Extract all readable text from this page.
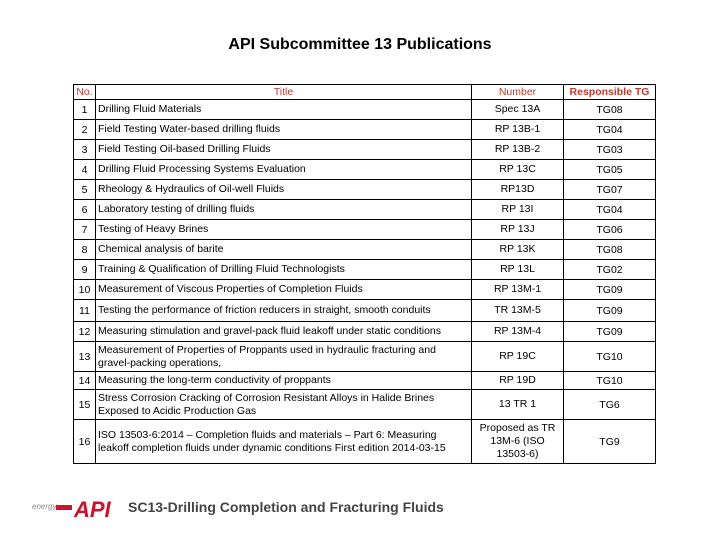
API Subcommittee 13 Publications
No.	Title	Number	Responsible TG
1	Drilling Fluid Materials	Spec 13A	TG08
2	Field Testing Water-based drilling fluids	RP 13B-1	TG04
3	Field Testing Oil-based Drilling Fluids	RP 13B-2	TG03
4	Drilling Fluid Processing Systems Evaluation	RP 13C	TG05
5	Rheology & Hydraulics of Oil-well Fluids	RP13D	TG07
6	Laboratory testing of drilling fluids	RP 13I	TG04
7	Testing of Heavy Brines	RP 13J	TG06
8	Chemical analysis of barite	RP 13K	TG08
9	Training & Qualification of Drilling Fluid Technologists	RP 13L	TG02
10	Measurement of Viscous Properties of Completion Fluids	RP 13M-1	TG09
11	Testing the performance of friction reducers in straight, smooth conduits	TR 13M-5	TG09
12	Measuring stimulation and gravel-pack fluid leakoff under static conditions	RP 13M-4	TG09
13	Measurement of Properties of Proppants used in hydraulic fracturing and gravel-packing operations,	RP 19C	TG10
14	Measuring the long-term conductivity of proppants	RP 19D	TG10
15	Stress Corrosion Cracking of Corrosion Resistant Alloys in Halide Brines Exposed to Acidic Production Gas	13 TR 1	TG6
16	ISO 13503-6:2014 – Completion fluids and materials – Part 6: Measuring leakoff completion fluids under dynamic conditions First edition 2014-03-15	Proposed as TR 13M-6 (ISO 13503-6)	TG9
energy API SC13-Drilling Completion and Fracturing Fluids
